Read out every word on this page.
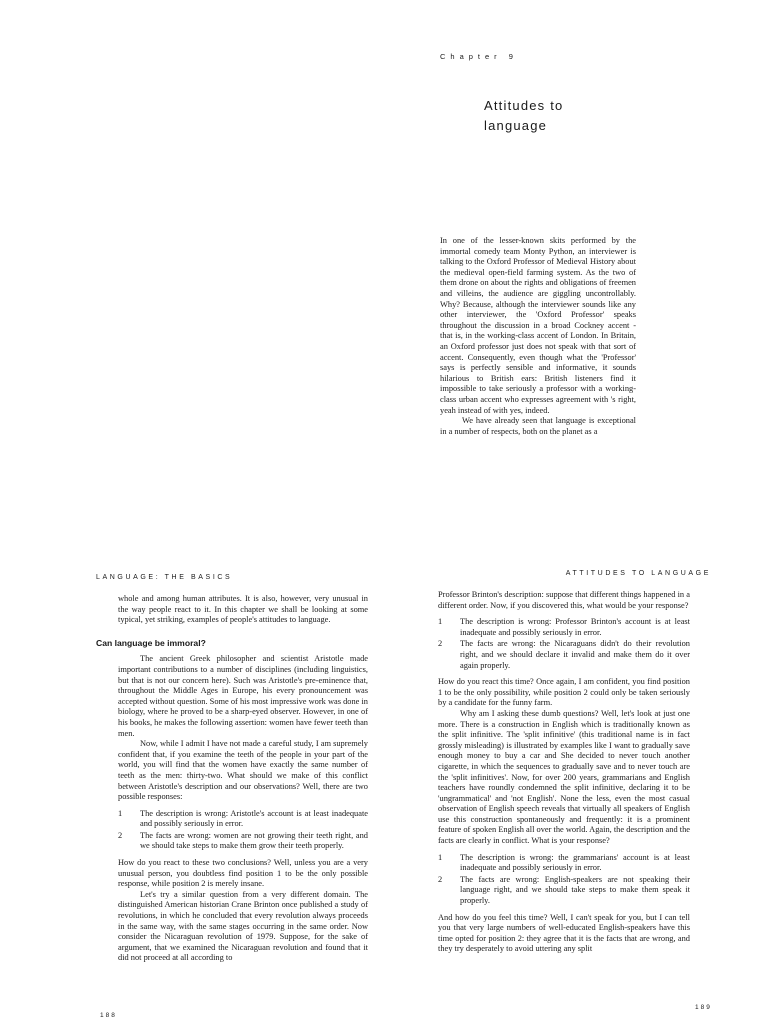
Chapter 9
Attitudes to
language

In one of the lesser-known skits performed by the immortal comedy team Monty Python, an interviewer is talking to the Oxford Professor of Medieval History about the medieval open-field farming system. As the two of them drone on about the rights and obligations of freemen and villeins, the audience are giggling uncontrollably. Why? Because, although the interviewer sounds like any other interviewer, the 'Oxford Professor' speaks throughout the discussion in a broad Cockney accent - that is, in the working-class accent of London. In Britain, an Oxford professor just does not speak with that sort of accent. Consequently, even though what the 'Professor' says is perfectly sensible and informative, it sounds hilarious to British ears: British listeners find it impossible to take seriously a professor with a working-class urban accent who expresses agreement with 's right, yeah instead of with yes, indeed.

We have already seen that language is exceptional in a number of respects, both on the planet as a

LANGUAGE: THE BASICS
ATTITUDES TO LANGUAGE

whole and among human attributes. It is also, however, very unusual in the way people react to it. In this chapter we shall be looking at some typical, yet striking, examples of people's attitudes to language.

Can language be immoral?

The ancient Greek philosopher and scientist Aristotle made important contributions to a number of disciplines (including linguistics, but that is not our concern here). Such was Aristotle's pre-eminence that, throughout the Middle Ages in Europe, his every pronouncement was accepted without question. Some of his most impressive work was done in biology, where he proved to be a sharp-eyed observer. However, in one of his books, he makes the following assertion: women have fewer teeth than men.

Now, while I admit I have not made a careful study, I am supremely confident that, if you examine the teeth of the people in your part of the world, you will find that the women have exactly the same number of teeth as the men: thirty-two. What should we make of this conflict between Aristotle's description and our observations? Well, there are two possible responses:

1 The description is wrong: Aristotle's account is at least inadequate and possibly seriously in error.
2 The facts are wrong: women are not growing their teeth right, and we should take steps to make them grow their teeth properly.

How do you react to these two conclusions? Well, unless you are a very unusual person, you doubtless find position 1 to be the only possible response, while position 2 is merely insane.

Let's try a similar question from a very different domain. The distinguished American historian Crane Brinton once published a study of revolutions, in which he concluded that every revolution always proceeds in the same way, with the same stages occurring in the same order. Now consider the Nicaraguan revolution of 1979. Suppose, for the sake of argument, that we examined the Nicaraguan revolution and found that it did not proceed at all according to

Professor Brinton's description: suppose that different things happened in a different order. Now, if you discovered this, what would be your response?

1 The description is wrong: Professor Brinton's account is at least inadequate and possibly seriously in error.
2 The facts are wrong: the Nicaraguans didn't do their revolution right, and we should declare it invalid and make them do it over again properly.

How do you react this time? Once again, I am confident, you find position 1 to be the only possibility, while position 2 could only be taken seriously by a candidate for the funny farm.

Why am I asking these dumb questions? Well, let's look at just one more. There is a construction in English which is traditionally known as the split infinitive. The 'split infinitive' (this traditional name is in fact grossly misleading) is illustrated by examples like I want to gradually save enough money to buy a car and She decided to never touch another cigarette, in which the sequences to gradually save and to never touch are the 'split infinitives'. Now, for over 200 years, grammarians and English teachers have roundly condemned the split infinitive, declaring it to be 'ungrammatical' and 'not English'. None the less, even the most casual observation of English speech reveals that virtually all speakers of English use this construction spontaneously and frequently: it is a prominent feature of spoken English all over the world. Again, the description and the facts are clearly in conflict. What is your response?

1 The description is wrong: the grammarians' account is at least inadequate and possibly seriously in error.
2 The facts are wrong: English-speakers are not speaking their language right, and we should take steps to make them speak it properly.

And how do you feel this time? Well, I can't speak for you, but I can tell you that very large numbers of well-educated English-speakers have this time opted for position 2: they agree that it is the facts that are wrong, and they try desperately to avoid uttering any split

188
189
